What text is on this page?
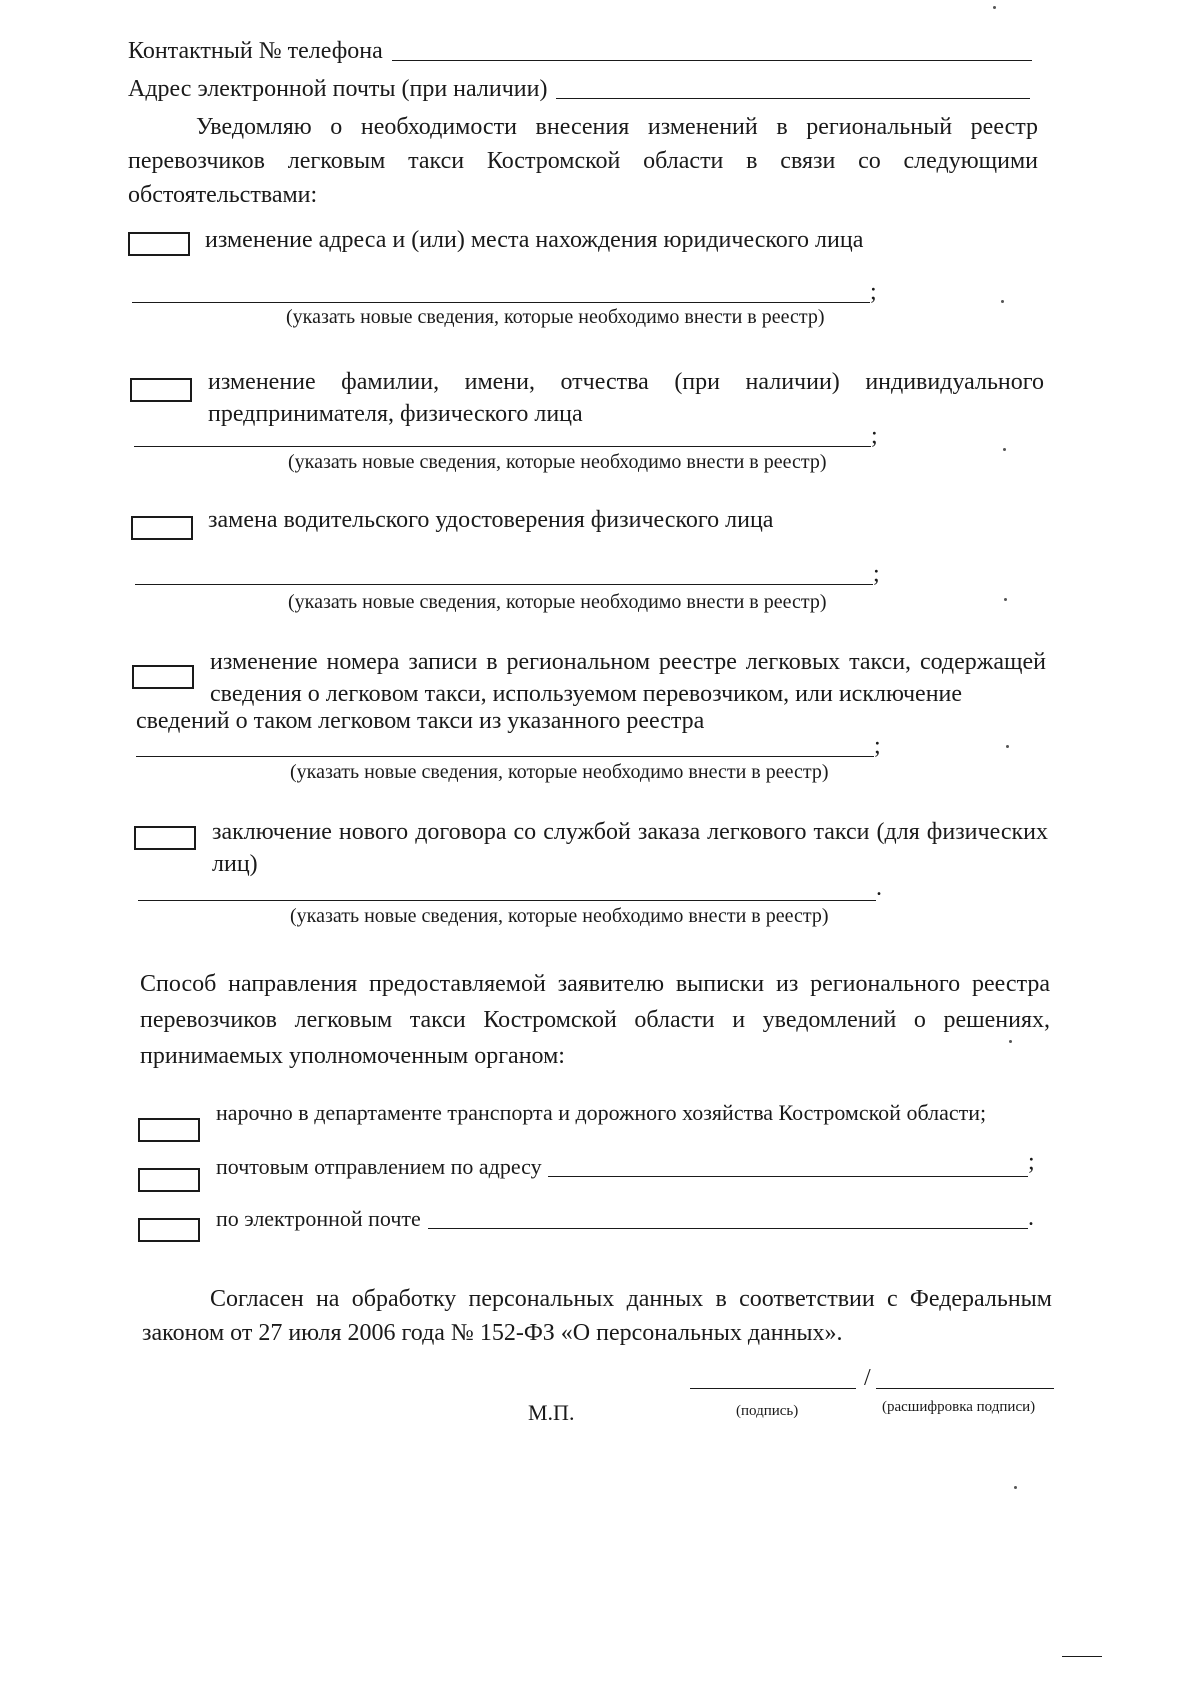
Контактный № телефона
Адрес электронной почты (при наличии)
Уведомляю о необходимости внесения изменений в региональный реестр перевозчиков легковым такси Костромской области в связи со следующими обстоятельствами:
изменение адреса и (или) места нахождения юридического лица
;
(указать новые сведения, которые необходимо внести в реестр)
изменение фамилии, имени, отчества (при наличии) индивидуального предпринимателя, физического лица
;
(указать новые сведения, которые необходимо внести в реестр)
замена водительского удостоверения физического лица
;
(указать новые сведения, которые необходимо внести в реестр)
изменение номера записи в региональном реестре легковых такси, содержащей сведения о легковом такси, используемом перевозчиком, или исключение
сведений о таком легковом такси из указанного реестра
;
(указать новые сведения, которые необходимо внести в реестр)
заключение нового договора со службой заказа легкового такси (для физических лиц)
.
(указать новые сведения, которые необходимо внести в реестр)
Способ направления предоставляемой заявителю выписки из регионального реестра перевозчиков легковым такси Костромской области и уведомлений о решениях, принимаемых уполномоченным органом:
нарочно в департаменте транспорта и дорожного хозяйства Костромской области;
почтовым отправлением по адресу	;
по электронной почте	.
Согласен на обработку персональных данных в соответствии с Федеральным законом от 27 июля 2006 года № 152-ФЗ «О персональных данных».
/
М.П.	(подпись)	(расшифровка подписи)
